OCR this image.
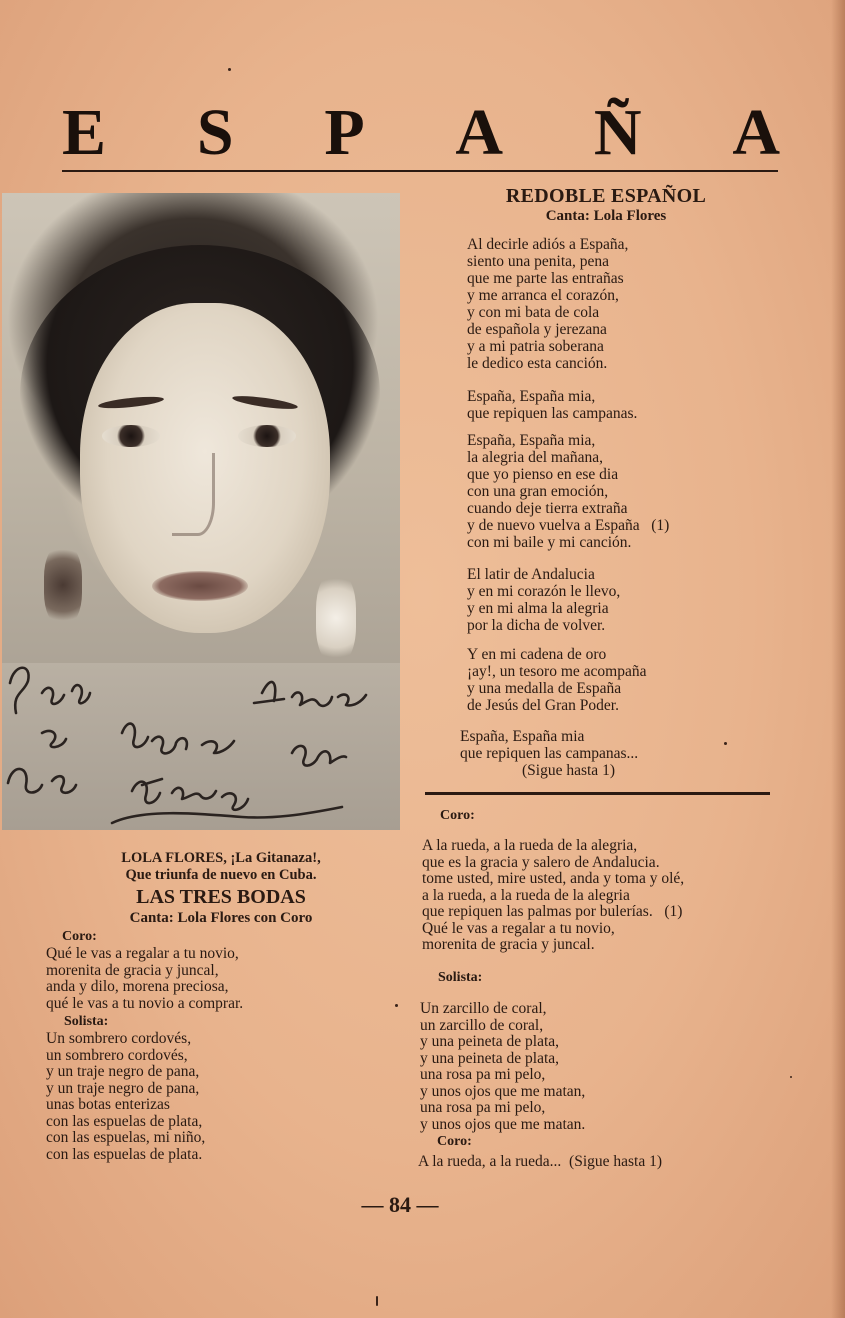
E S P A Ñ A
REDOBLE ESPAÑOL
Canta: Lola Flores
Al decirle adiós a España,
siento una penita, pena
que me parte las entrañas
y me arranca el corazón,
y con mi bata de cola
de española y jerezana
y a mi patria soberana
le dedico esta canción.
España, España mia,
que repiquen las campanas.
España, España mia,
la alegria del mañana,
que yo pienso en ese dia
con una gran emoción,
cuando deje tierra extraña
y de nuevo vuelva a España   (1)
con mi baile y mi canción.
El latir de Andalucia
y en mi corazón le llevo,
y en mi alma la alegria
por la dicha de volver.
Y en mi cadena de oro
¡ay!, un tesoro me acompaña
y una medalla de España
de Jesús del Gran Poder.
España, España mia
que repiquen las campanas...
(Sigue hasta 1)
Coro:
A la rueda, a la rueda de la alegria,
que es la gracia y salero de Andalucia.
tome usted, mire usted, anda y toma y olé,
a la rueda, a la rueda de la alegria
que repiquen las palmas por bulerías.   (1)
Qué le vas a regalar a tu novio,
morenita de gracia y juncal.
Solista:
Un zarcillo de coral,
un zarcillo de coral,
y una peineta de plata,
y una peineta de plata,
una rosa pa mi pelo,
y unos ojos que me matan,
una rosa pa mi pelo,
y unos ojos que me matan.
Coro:
A la rueda, a la rueda...  (Sigue hasta 1)
LOLA FLORES, ¡La Gitanaza!,
Que triunfa de nuevo en Cuba.
LAS TRES BODAS
Canta: Lola Flores con Coro
Coro:
Qué le vas a regalar a tu novio,
morenita de gracia y juncal,
anda y dilo, morena preciosa,
qué le vas a tu novio a comprar.
Solista:
Un sombrero cordovés,
un sombrero cordovés,
y un traje negro de pana,
y un traje negro de pana,
unas botas enterizas
con las espuelas de plata,
con las espuelas, mi niño,
con las espuelas de plata.
— 84 —
